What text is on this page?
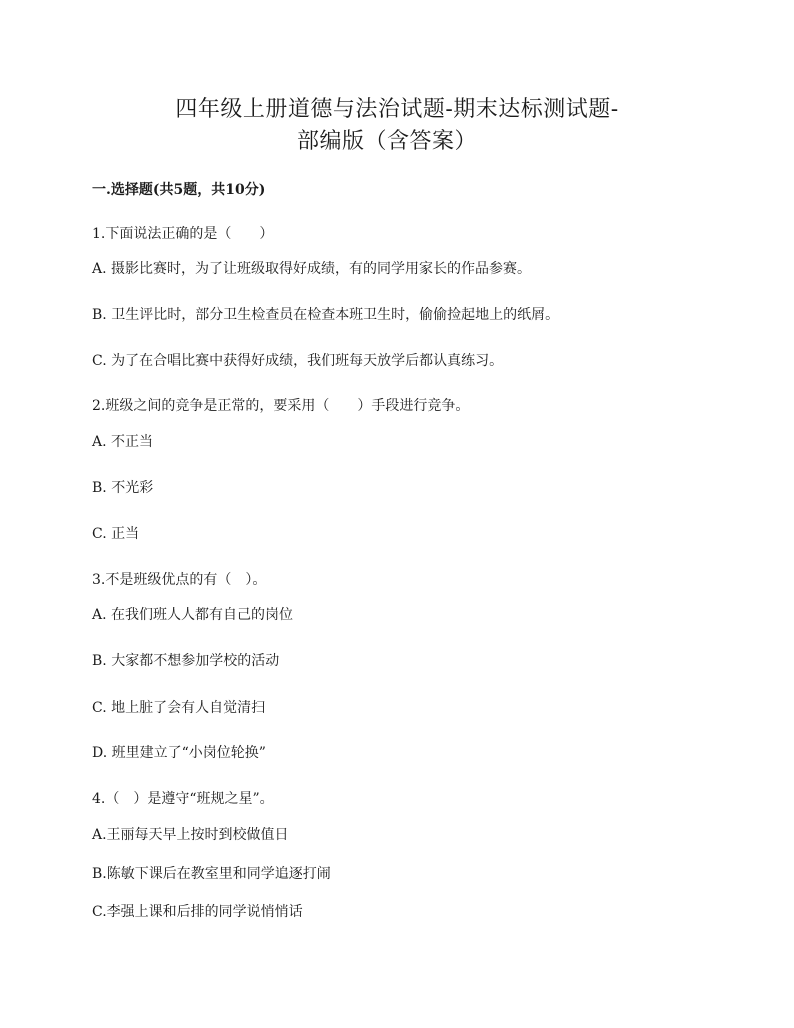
四年级上册道德与法治试题-期末达标测试题-
部编版（含答案）
一.选择题(共5题，共10分)
1.下面说法正确的是（　　）
A. 摄影比赛时，为了让班级取得好成绩，有的同学用家长的作品参赛。
B. 卫生评比时，部分卫生检查员在检查本班卫生时，偷偷捡起地上的纸屑。
C. 为了在合唱比赛中获得好成绩，我们班每天放学后都认真练习。
2.班级之间的竞争是正常的，要采用（　　）手段进行竞争。
A. 不正当
B. 不光彩
C. 正当
3.不是班级优点的有（　）。
A. 在我们班人人都有自己的岗位
B. 大家都不想参加学校的活动
C. 地上脏了会有人自觉清扫
D. 班里建立了“小岗位轮换”
4.（　）是遵守“班规之星”。
A.王丽每天早上按时到校做值日
B.陈敏下课后在教室里和同学追逐打闹
C.李强上课和后排的同学说悄悄话
